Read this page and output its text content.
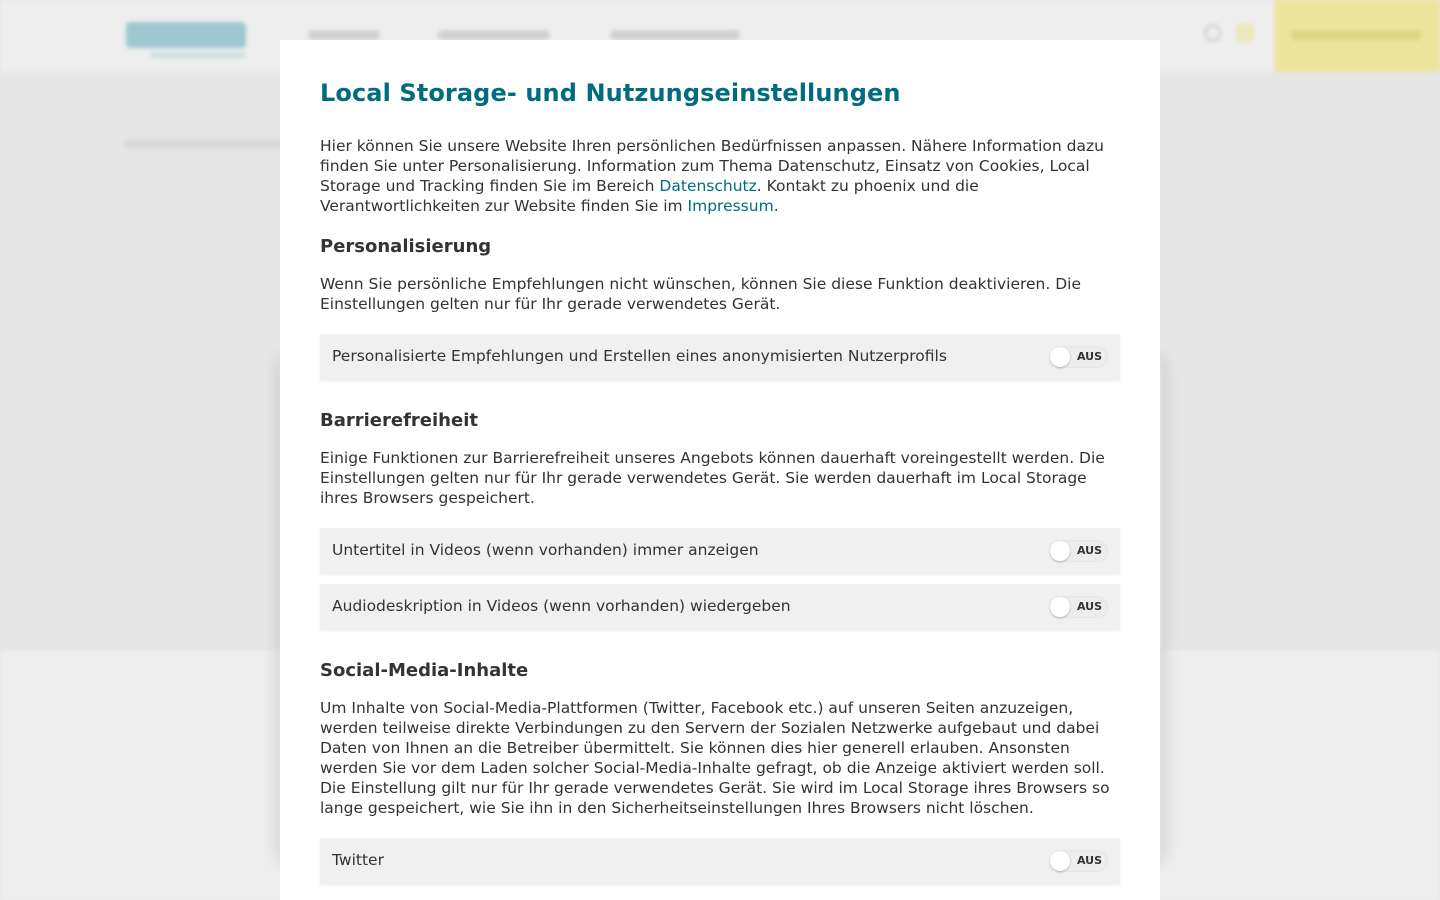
Local Storage- und Nutzungseinstellungen

Hier können Sie unsere Website Ihren persönlichen Bedürfnissen anpassen. Nähere Information dazu finden Sie unter Personalisierung. Information zum Thema Datenschutz, Einsatz von Cookies, Local Storage und Tracking finden Sie im Bereich Datenschutz. Kontakt zu phoenix und die Verantwortlichkeiten zur Website finden Sie im Impressum.

Personalisierung

Wenn Sie persönliche Empfehlungen nicht wünschen, können Sie diese Funktion deaktivieren. Die Einstellungen gelten nur für Ihr gerade verwendetes Gerät.

Personalisierte Empfehlungen und Erstellen eines anonymisierten Nutzerprofils	AUS
Barrierefreiheit

Einige Funktionen zur Barrierefreiheit unseres Angebots können dauerhaft voreingestellt werden. Die Einstellungen gelten nur für Ihr gerade verwendetes Gerät. Sie werden dauerhaft im Local Storage ihres Browsers gespeichert.

Untertitel in Videos (wenn vorhanden) immer anzeigen	AUS
Audiodeskription in Videos (wenn vorhanden) wiedergeben	AUS
Social-Media-Inhalte

Um Inhalte von Social-Media-Plattformen (Twitter, Facebook etc.) auf unseren Seiten anzuzeigen, werden teilweise direkte Verbindungen zu den Servern der Sozialen Netzwerke aufgebaut und dabei Daten von Ihnen an die Betreiber übermittelt. Sie können dies hier generell erlauben. Ansonsten werden Sie vor dem Laden solcher Social-Media-Inhalte gefragt, ob die Anzeige aktiviert werden soll. Die Einstellung gilt nur für Ihr gerade verwendetes Gerät. Sie wird im Local Storage ihres Browsers so lange gespeichert, wie Sie ihn in den Sicherheitseinstellungen Ihres Browsers nicht löschen.

Twitter	AUS
